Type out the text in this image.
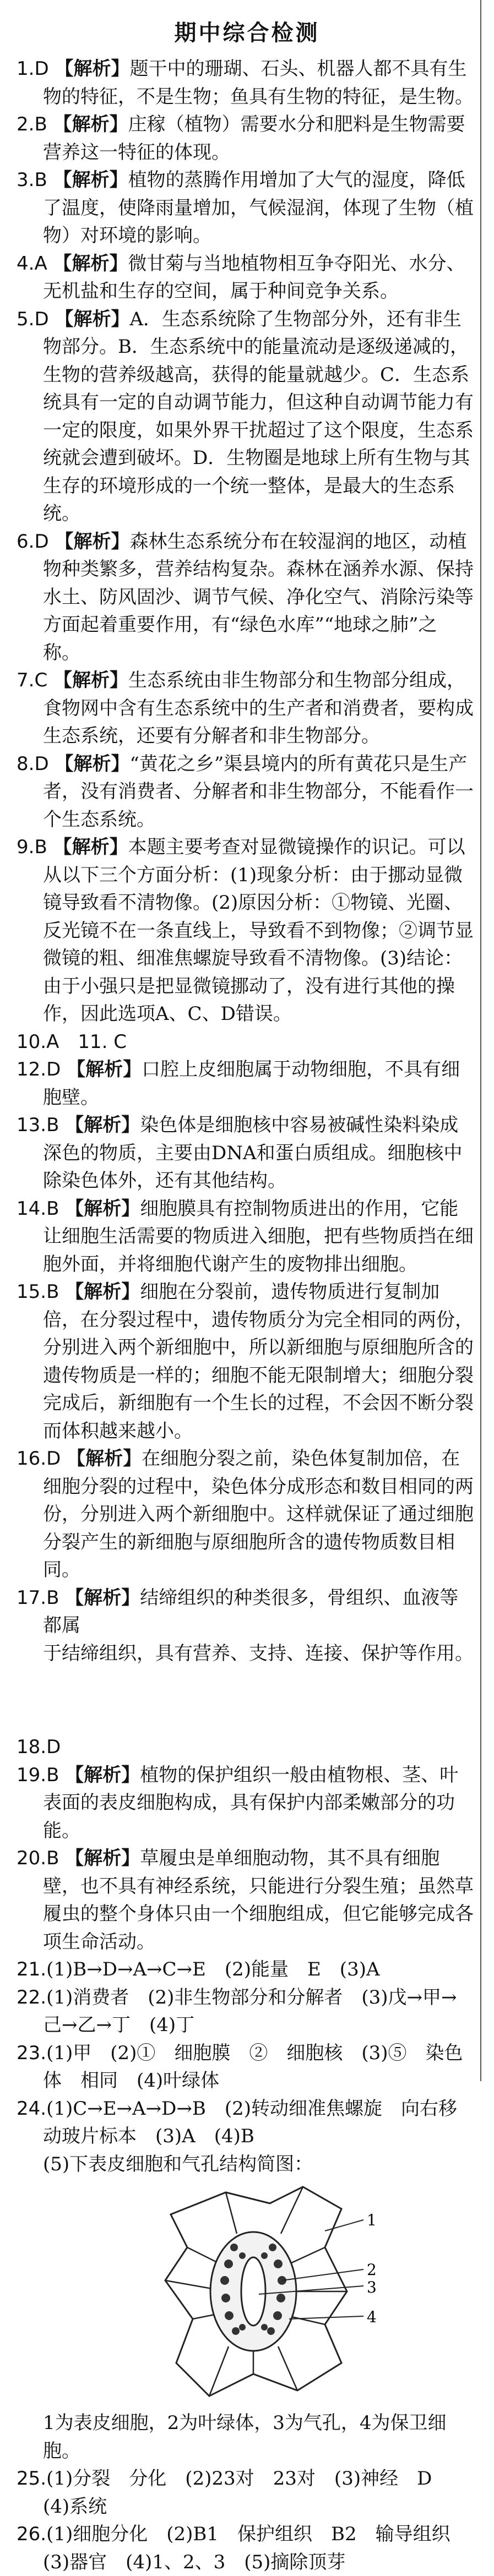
期中综合检测

1.D 【解析】题干中的珊瑚、石头、机器人都不具有生物的特征，不是生物；鱼具有生物的特征，是生物。

2.B 【解析】庄稼（植物）需要水分和肥料是生物需要营养这一特征的体现。

3.B 【解析】植物的蒸腾作用增加了大气的湿度，降低了温度，使降雨量增加，气候湿润，体现了生物（植物）对环境的影响。

4.A 【解析】微甘菊与当地植物相互争夺阳光、水分、无机盐和生存的空间，属于种间竞争关系。

5.D 【解析】A．生态系统除了生物部分外，还有非生物部分。B．生态系统中的能量流动是逐级递减的，生物的营养级越高，获得的能量就越少。C．生态系统具有一定的自动调节能力，但这种自动调节能力有一定的限度，如果外界干扰超过了这个限度，生态系统就会遭到破坏。D．生物圈是地球上所有生物与其生存的环境形成的一个统一整体，是最大的生态系统。

6.D 【解析】森林生态系统分布在较湿润的地区，动植物种类繁多，营养结构复杂。森林在涵养水源、保持水土、防风固沙、调节气候、净化空气、消除污染等方面起着重要作用，有“绿色水库”“地球之肺”之称。

7.C 【解析】生态系统由非生物部分和生物部分组成，食物网中含有生态系统中的生产者和消费者，要构成生态系统，还要有分解者和非生物部分。

8.D 【解析】“黄花之乡”渠县境内的所有黄花只是生产者，没有消费者、分解者和非生物部分，不能看作一个生态系统。

9.B 【解析】本题主要考查对显微镜操作的识记。可以从以下三个方面分析：(1)现象分析：由于挪动显微镜导致看不清物像。(2)原因分析：①物镜、光圈、反光镜不在一条直线上，导致看不到物像；②调节显微镜的粗、细准焦螺旋导致看不清物像。(3)结论：由于小强只是把显微镜挪动了，没有进行其他的操作，因此选项A、C、D错误。

10.A　11. C

12.D 【解析】口腔上皮细胞属于动物细胞，不具有细胞壁。

13.B 【解析】染色体是细胞核中容易被碱性染料染成深色的物质，主要由DNA和蛋白质组成。细胞核中除染色体外，还有其他结构。

14.B 【解析】细胞膜具有控制物质进出的作用，它能让细胞生活需要的物质进入细胞，把有些物质挡在细胞外面，并将细胞代谢产生的废物排出细胞。

15.B 【解析】细胞在分裂前，遗传物质进行复制加倍，在分裂过程中，遗传物质分为完全相同的两份，分别进入两个新细胞中，所以新细胞与原细胞所含的遗传物质是一样的；细胞不能无限制增大；细胞分裂完成后，新细胞有一个生长的过程，不会因不断分裂而体积越来越小。

16.D 【解析】在细胞分裂之前，染色体复制加倍，在细胞分裂的过程中，染色体分成形态和数目相同的两份，分别进入两个新细胞中。这样就保证了通过细胞分裂产生的新细胞与原细胞所含的遗传物质数目相同。

17.B 【解析】结缔组织的种类很多，骨组织、血液等都属

于结缔组织，具有营养、支持、连接、保护等作用。

18.D

19.B 【解析】植物的保护组织一般由植物根、茎、叶表面的表皮细胞构成，具有保护内部柔嫩部分的功能。

20.B 【解析】草履虫是单细胞动物，其不具有细胞壁，也不具有神经系统，只能进行分裂生殖；虽然草履虫的整个身体只由一个细胞组成，但它能够完成各项生命活动。

21.(1)B→D→A→C→E　(2)能量　E　(3)A

22.(1)消费者　(2)非生物部分和分解者　(3)戊→甲→己→乙→丁　(4)丁

23.(1)甲　(2)①　细胞膜　②　细胞核　(3)⑤　染色体　相同　(4)叶绿体

24.(1)C→E→A→D→B　(2)转动细准焦螺旋　向右移动玻片标本　(3)A　(4)B

(5)下表皮细胞和气孔结构简图：

1
2
3
4

1为表皮细胞，2为叶绿体，3为气孔，4为保卫细胞。

25.(1)分裂　分化　(2)23对　23对　(3)神经　D　(4)系统

26.(1)细胞分化　(2)B1　保护组织　B2　输导组织　(3)器官　(4)1、2、3　(5)摘除顶芽
